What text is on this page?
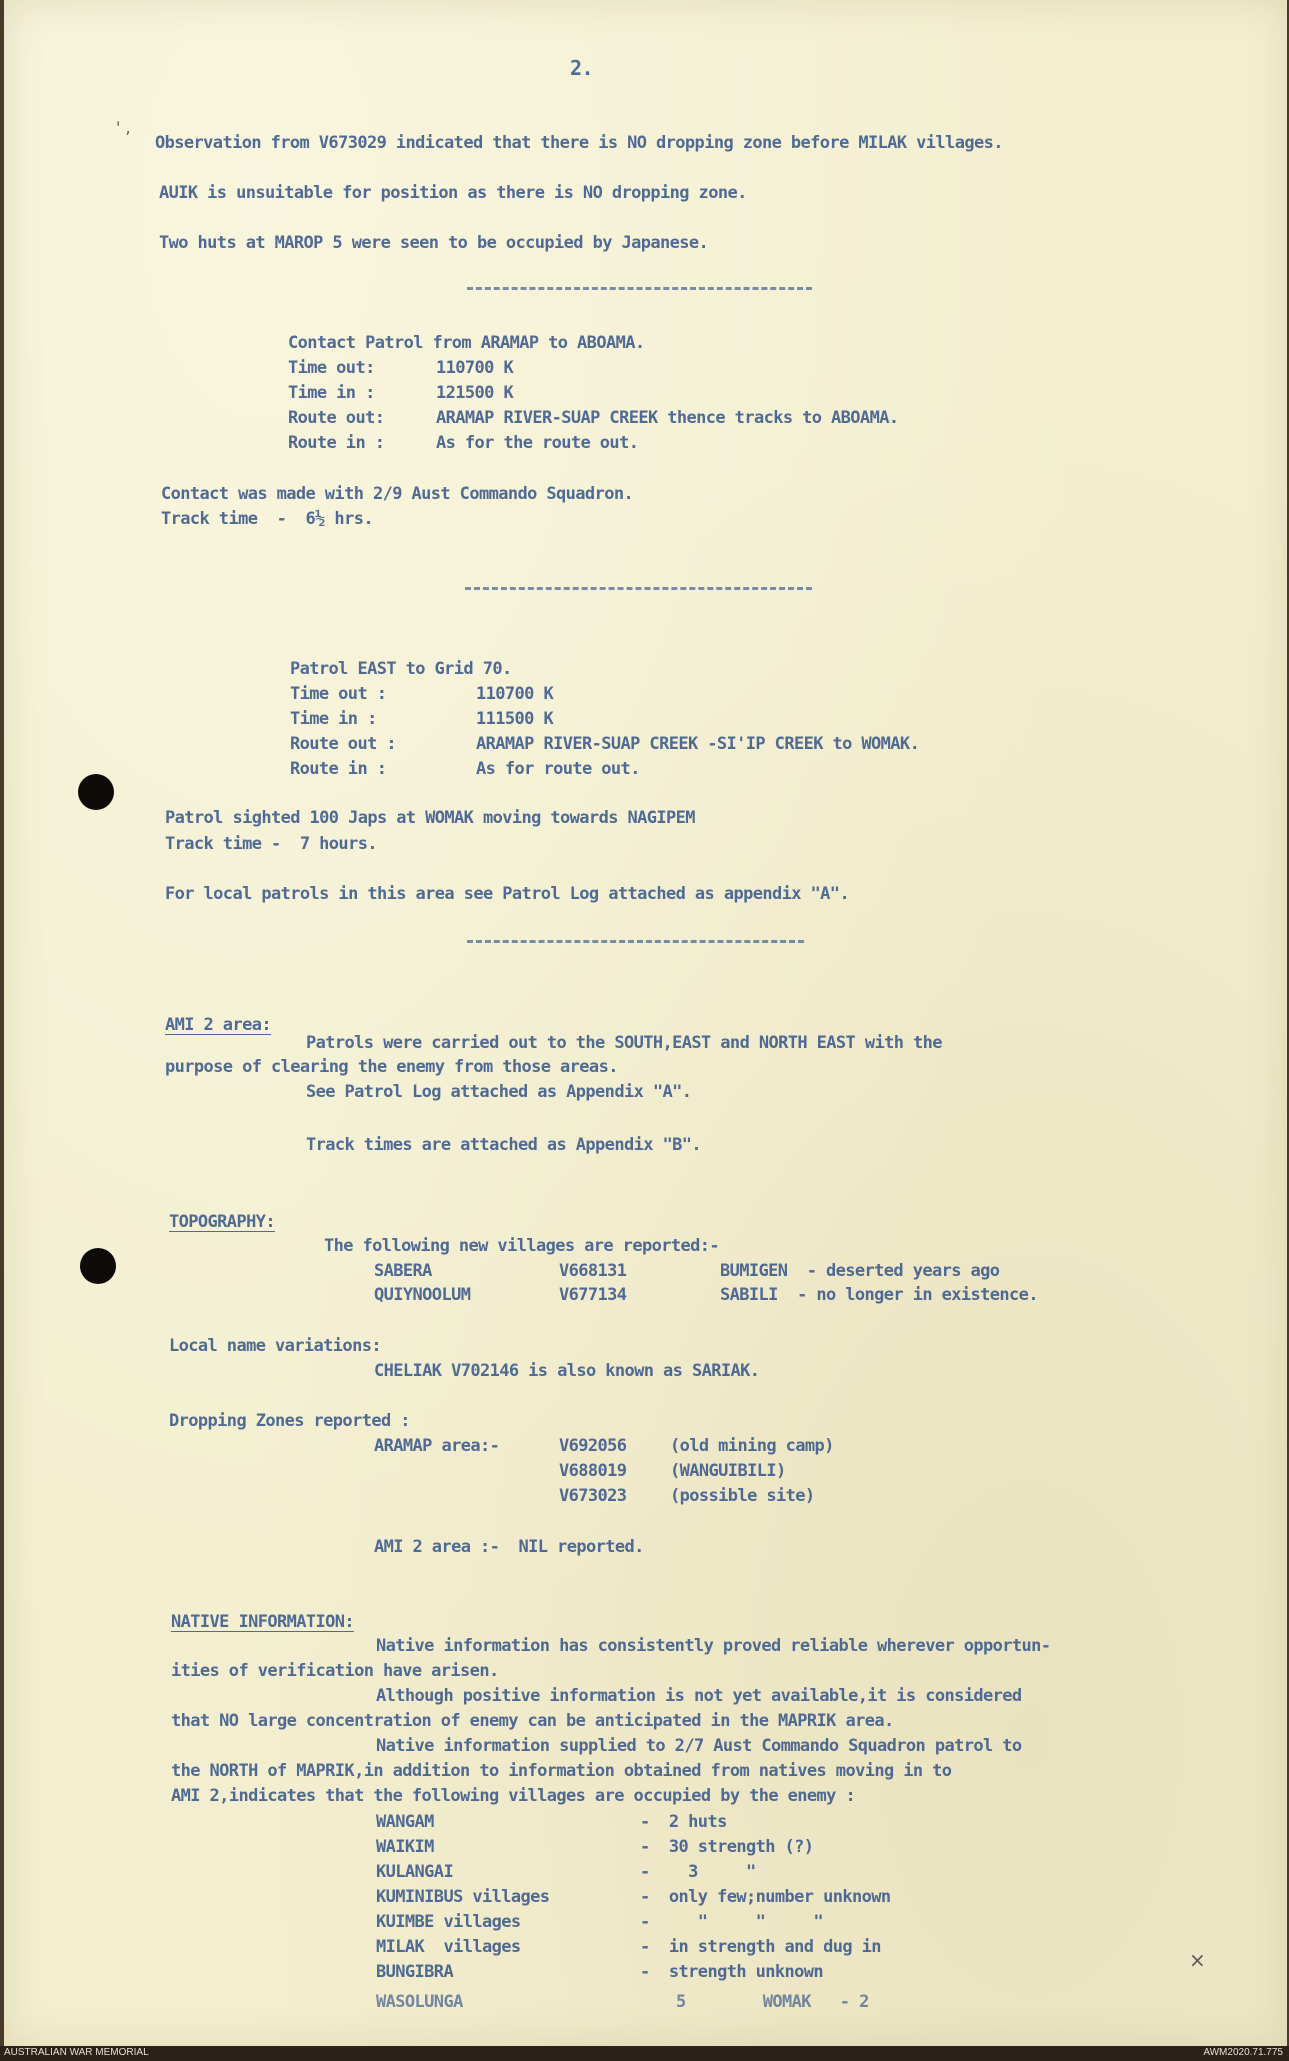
' ,
×
2.
Observation from V673029 indicated that there is NO dropping zone before MILAK villages.
AUIK is unsuitable for position as there is NO dropping zone.
Two huts at MAROP 5 were seen to be occupied by Japanese.
Contact Patrol from ARAMAP to ABOAMA.
Time out:	110700 K
Time in :	121500 K
Route out:	ARAMAP RIVER-SUAP CREEK thence tracks to ABOAMA.
Route in :	As for the route out.
Contact was made with 2/9 Aust Commando Squadron.
Track time  -  6½ hrs.
Patrol EAST to Grid 70.
Time out :	110700 K
Time in :	111500 K
Route out :	ARAMAP RIVER-SUAP CREEK -SI'IP CREEK to WOMAK.
Route in :	As for route out.
Patrol sighted 100 Japs at WOMAK moving towards NAGIPEM
Track time -  7 hours.
For local patrols in this area see Patrol Log attached as appendix "A".
AMI 2 area:
Patrols were carried out to the SOUTH,EAST and NORTH EAST with the
purpose of clearing the enemy from those areas.
See Patrol Log attached as Appendix "A".
Track times are attached as Appendix "B".
TOPOGRAPHY:
The following new villages are reported:-
SABERA	V668131	BUMIGEN  - deserted years ago
QUIYNOOLUM	V677134	SABILI  - no longer in existence.
Local name variations:
CHELIAK V702146 is also known as SARIAK.
Dropping Zones reported :
ARAMAP area:-	V692056	(old mining camp)
V688019	(WANGUIBILI)
V673023	(possible site)
AMI 2 area :-  NIL reported.
NATIVE INFORMATION:
Native information has consistently proved reliable wherever opportun-
ities of verification have arisen.
Although positive information is not yet available,it is considered
that NO large concentration of enemy can be anticipated in the MAPRIK area.
Native information supplied to 2/7 Aust Commando Squadron patrol to
the NORTH of MAPRIK,in addition to information obtained from natives moving in to
AMI 2,indicates that the following villages are occupied by the enemy :
WANGAM	-  2 huts
WAIKIM	-  30 strength (?)
KULANGAI	-    3     "
KUMINIBUS villages	-  only few;number unknown
KUIMBE villages	-     "     "     "
MILAK  villages	-  in strength and dug in
BUNGIBRA	-  strength unknown
WASOLUNGA	5        WOMAK   - 2
AUSTRALIAN WAR MEMORIAL	AWM2020.71.775
